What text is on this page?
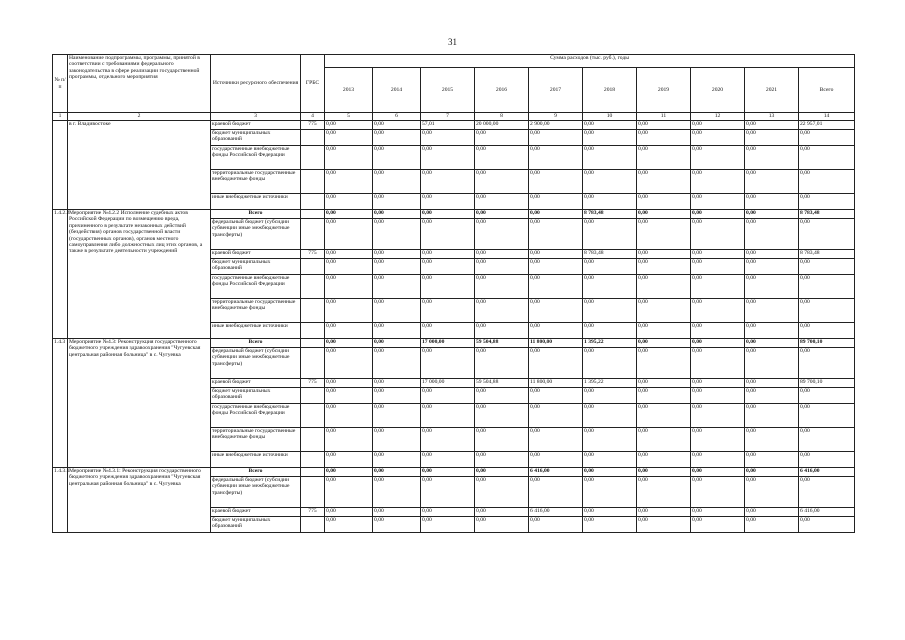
31
№ п/п	Наименование подпрограммы, программы, принятой в соответствии с требованиями федерального законодательства в сфере реализации государственной программы, отдельного мероприятия	Источники ресурсного обеспечения	ГРБС	Сумма расходов (тыс. руб.), годы									
				2013	2014	2015	2016	2017	2018	2019	2020	2021	Всего
1	2	3	4	5	6	7	8	9	10	11	12	13	14
	в г. Владивостоке	краевой бюджет	775	0,00	0,00	57,01	20 000,00	2 900,00	0,00	0,00	0,00	0,00	22 957,01
		бюджет муниципальных образований		0,00	0,00	0,00	0,00	0,00	0,00	0,00	0,00	0,00	0,00
		государственные внебюджетные фонды Российской Федерации		0,00	0,00	0,00	0,00	0,00	0,00	0,00	0,00	0,00	0,00
		территориальные государственные внебюджетные фонды		0,00	0,00	0,00	0,00	0,00	0,00	0,00	0,00	0,00	0,00
		иные внебюджетные источники		0,00	0,00	0,00	0,00	0,00	0,00	0,00	0,00	0,00	0,00
1.4.2.2	Мероприятие №4.2.2 Исполнение судебных актов Российской Федерации по возмещению вреда, причиненного в результате незаконных действий (бездействия) органов государственной власти (государственных органов), органов местного самоуправления либо должностных лиц этих органов, а также в результате деятельности учреждений	Всего		0,00	0,00	0,00	0,00	0,00	8 783,48	0,00	0,00	0,00	8 783,48
		федеральный бюджет (субсидии субвенции иные межбюджетные трансферты)		0,00	0,00	0,00	0,00	0,00	0,00	0,00	0,00	0,00	0,00
		краевой бюджет	775	0,00	0,00	0,00	0,00	0,00	8 783,48	0,00	0,00	0,00	8 783,48
		бюджет муниципальных образований		0,00	0,00	0,00	0,00	0,00	0,00	0,00	0,00	0,00	0,00
		государственные внебюджетные фонды Российской Федерации		0,00	0,00	0,00	0,00	0,00	0,00	0,00	0,00	0,00	0,00
		территориальные государственные внебюджетные фонды		0,00	0,00	0,00	0,00	0,00	0,00	0,00	0,00	0,00	0,00
		иные внебюджетные источники		0,00	0,00	0,00	0,00	0,00	0,00	0,00	0,00	0,00	0,00
1.4.3	Мероприятие №4.3: Реконструкция государственного бюджетного учреждения здравоохранения "Чугуевская центральная районная больница" в с. Чугуевка	Всего		0,00	0,00	17 000,00	59 504,88	11 800,00	1 395,22	0,00	0,00	0,00	89 700,10
		федеральный бюджет (субсидии субвенции иные межбюджетные трансферты)		0,00	0,00	0,00	0,00	0,00	0,00	0,00	0,00	0,00	0,00
		краевой бюджет	775	0,00	0,00	17 000,00	59 504,88	11 800,00	1 395,22	0,00	0,00	0,00	89 700,10
		бюджет муниципальных образований		0,00	0,00	0,00	0,00	0,00	0,00	0,00	0,00	0,00	0,00
		государственные внебюджетные фонды Российской Федерации		0,00	0,00	0,00	0,00	0,00	0,00	0,00	0,00	0,00	0,00
		территориальные государственные внебюджетные фонды		0,00	0,00	0,00	0,00	0,00	0,00	0,00	0,00	0,00	0,00
		иные внебюджетные источники		0,00	0,00	0,00	0,00	0,00	0,00	0,00	0,00	0,00	0,00
1.4.3.1	Мероприятие №4.3.1: Реконструкция государственного бюджетного учреждения здравоохранения "Чугуевская центральная районная больница" в с. Чугуевка	Всего		0,00	0,00	0,00	0,00	6 416,00	0,00	0,00	0,00	0,00	6 416,00
		федеральный бюджет (субсидии субвенции иные межбюджетные трансферты)		0,00	0,00	0,00	0,00	0,00	0,00	0,00	0,00	0,00	0,00
		краевой бюджет	775	0,00	0,00	0,00	0,00	6 416,00	0,00	0,00	0,00	0,00	6 416,00
		бюджет муниципальных образований		0,00	0,00	0,00	0,00	0,00	0,00	0,00	0,00	0,00	0,00
